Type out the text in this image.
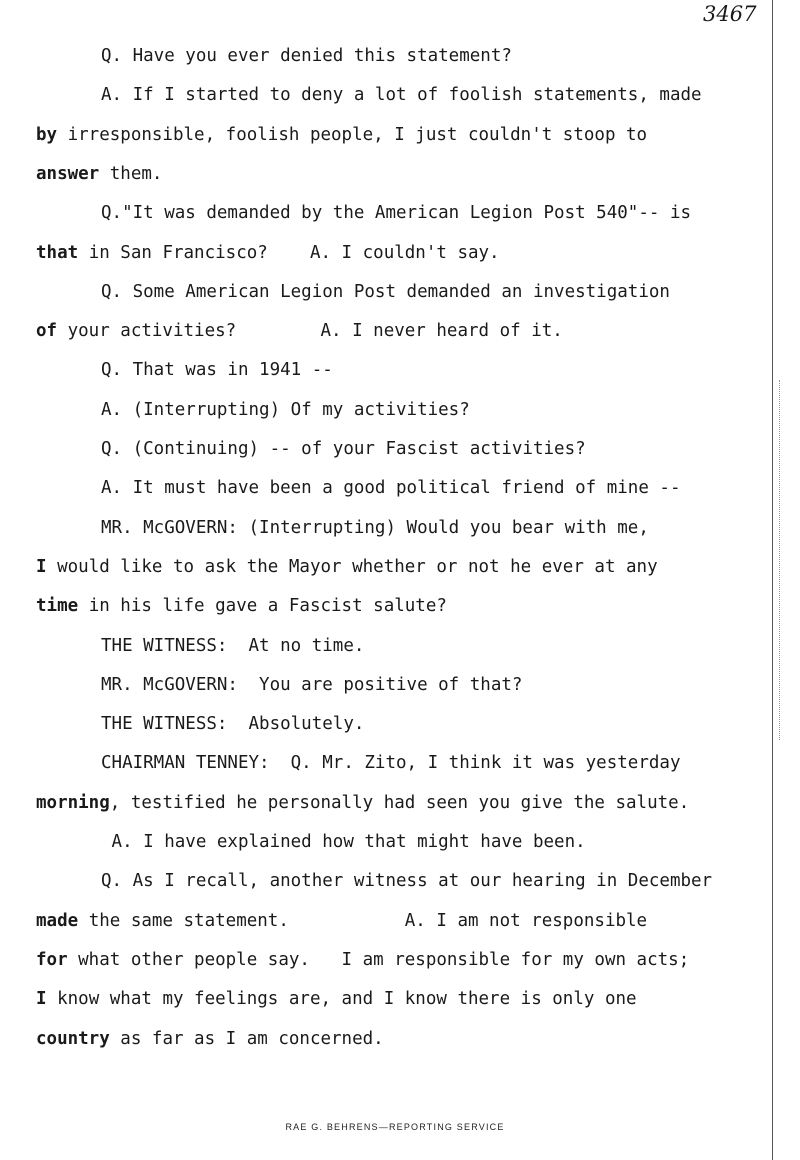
3467
Q. Have you ever denied this statement?
A. If I started to deny a lot of foolish statements, made
by irresponsible, foolish people, I just couldn't stoop to
answer them.
Q."It was demanded by the American Legion Post 540"-- is
that in San Francisco?    A. I couldn't say.
Q. Some American Legion Post demanded an investigation
of your activities?        A. I never heard of it.
Q. That was in 1941 --
A. (Interrupting) Of my activities?
Q. (Continuing) -- of your Fascist activities?
A. It must have been a good political friend of mine --
MR. McGOVERN: (Interrupting) Would you bear with me,
I would like to ask the Mayor whether or not he ever at any
time in his life gave a Fascist salute?
THE WITNESS:  At no time.
MR. McGOVERN:  You are positive of that?
THE WITNESS:  Absolutely.
CHAIRMAN TENNEY:  Q. Mr. Zito, I think it was yesterday
morning, testified he personally had seen you give the salute.
A. I have explained how that might have been.
Q. As I recall, another witness at our hearing in December
made the same statement.           A. I am not responsible
for what other people say.   I am responsible for my own acts;
I know what my feelings are, and I know there is only one
country as far as I am concerned.
RAE G. BEHRENS—REPORTING SERVICE
